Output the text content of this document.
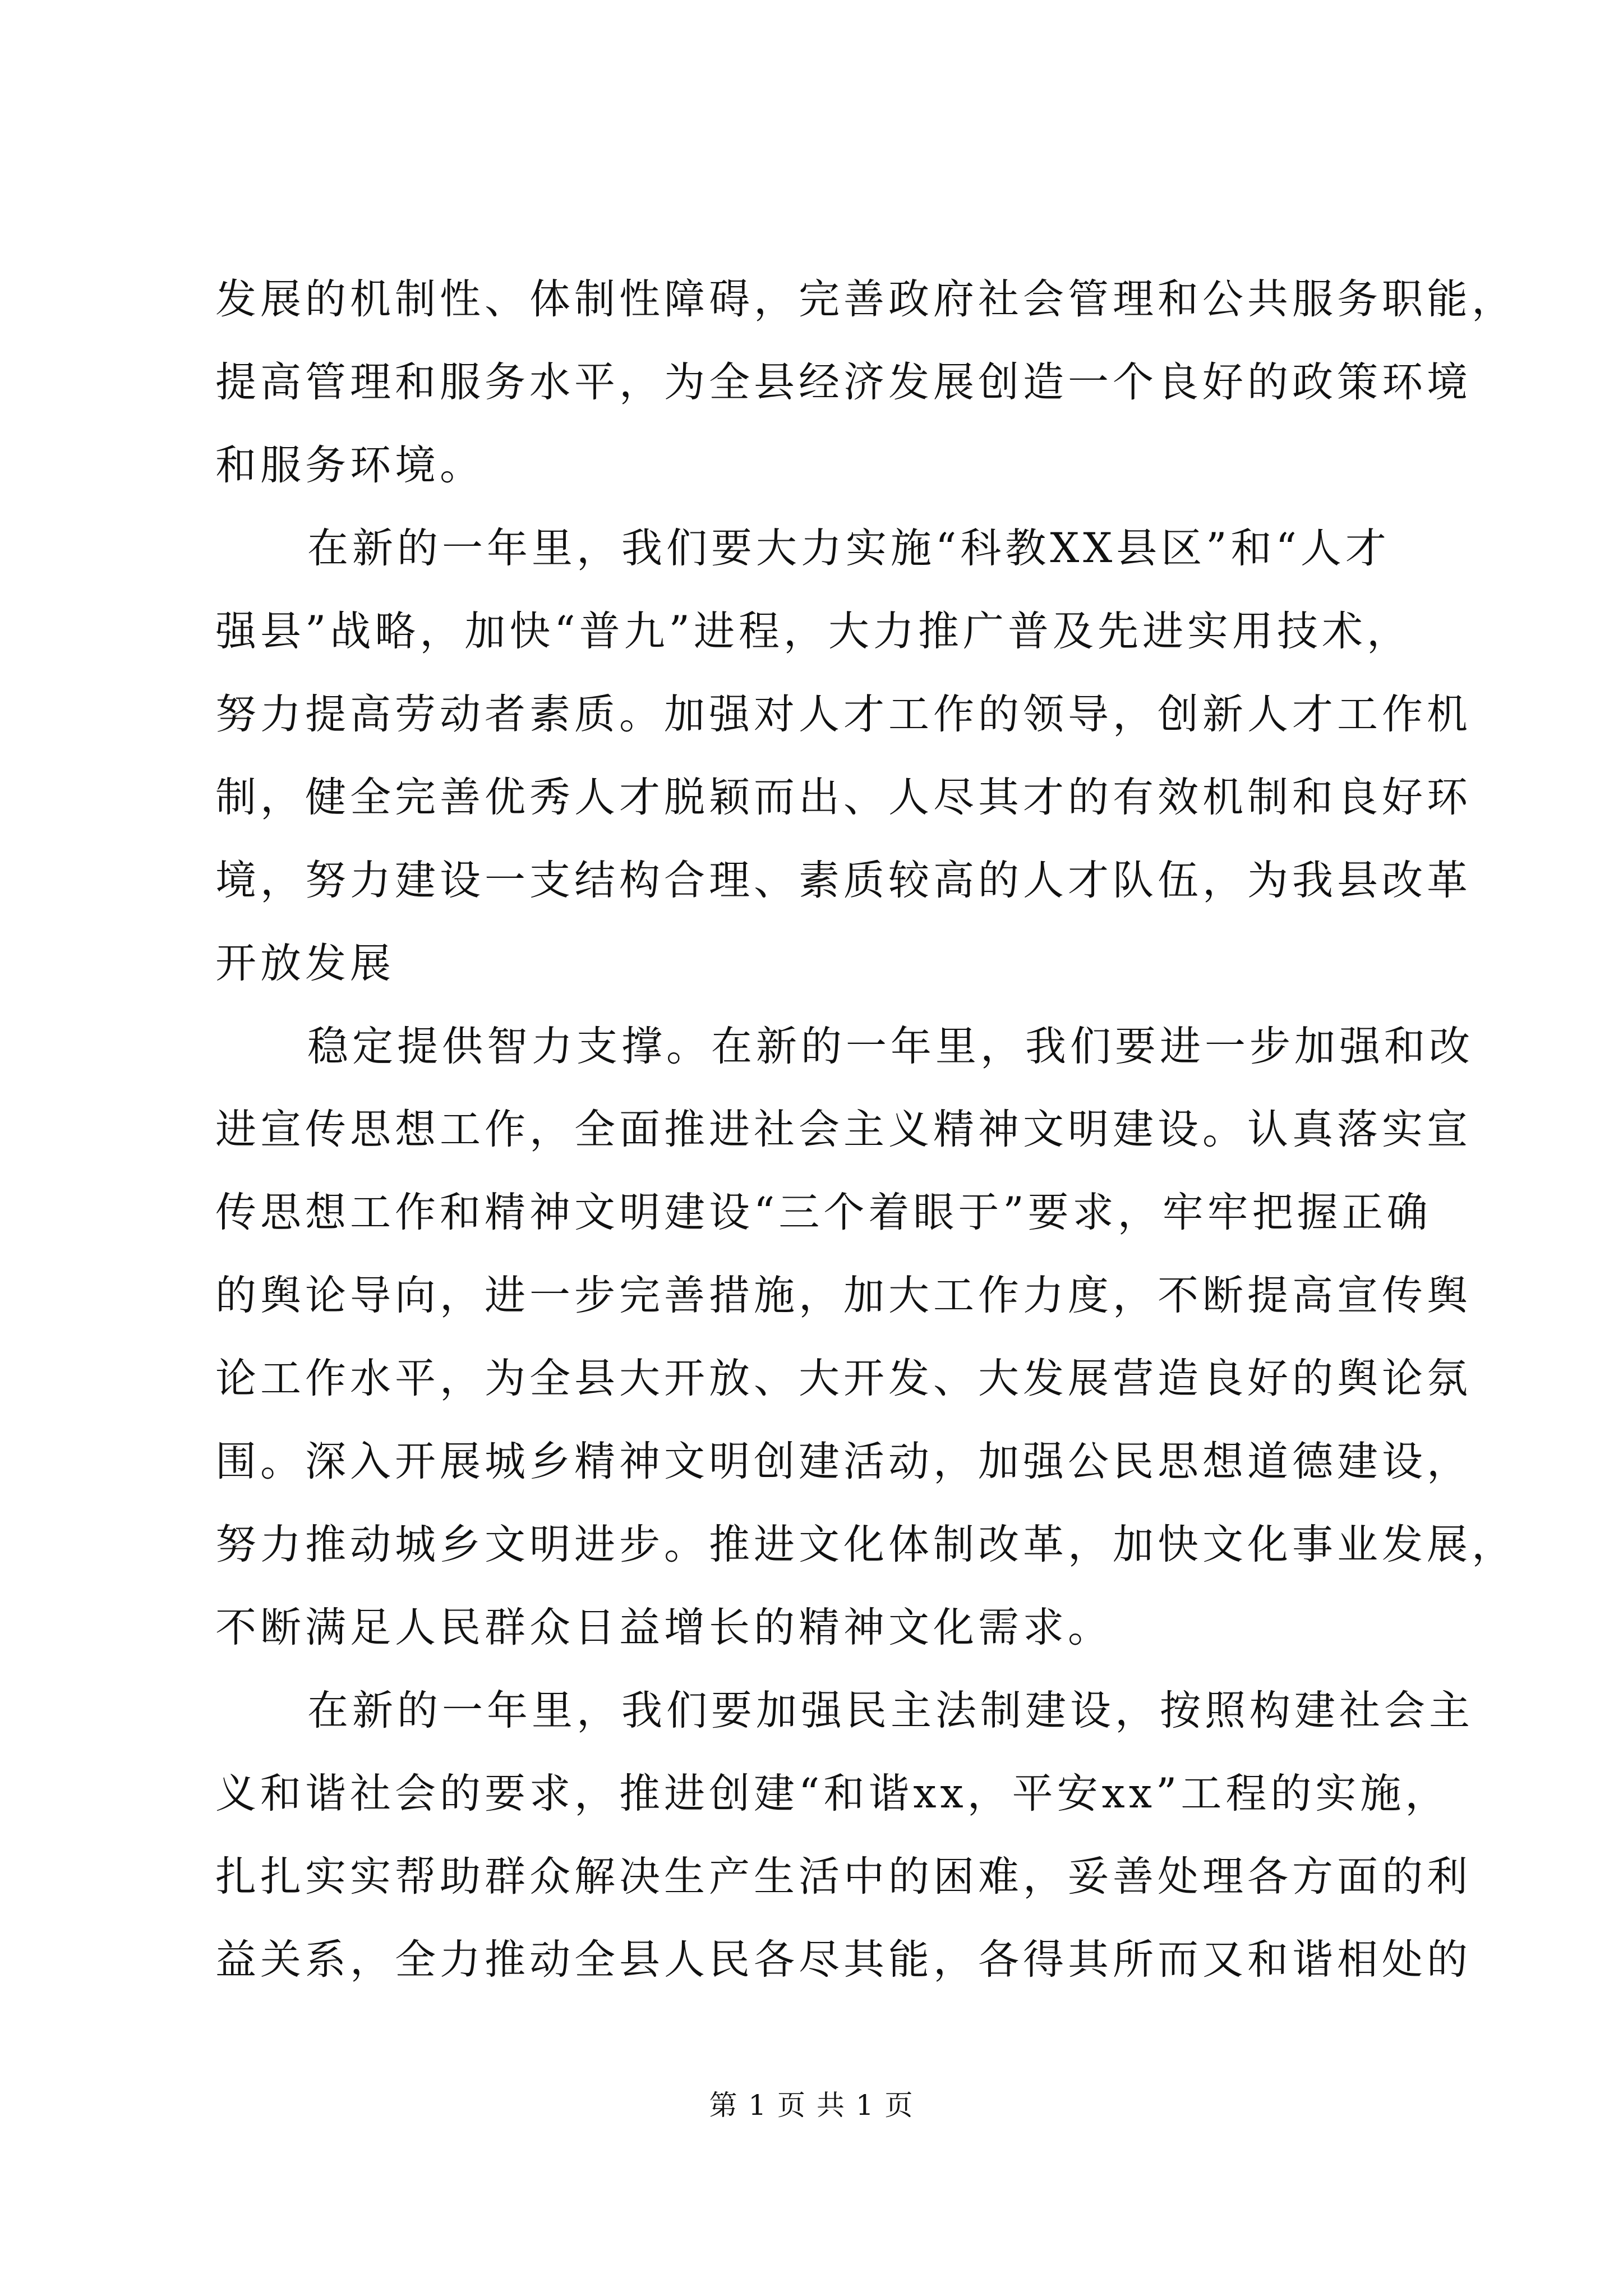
发展的机制性、体制性障碍，完善政府社会管理和公共服务职能，
提高管理和服务水平，为全县经济发展创造一个良好的政策环境
和服务环境。
在新的一年里，我们要大力实施“科教XX县区”和“人才
强县”战略，加快“普九”进程，大力推广普及先进实用技术，
努力提高劳动者素质。加强对人才工作的领导，创新人才工作机
制，健全完善优秀人才脱颖而出、人尽其才的有效机制和良好环
境，努力建设一支结构合理、素质较高的人才队伍，为我县改革
开放发展
稳定提供智力支撑。在新的一年里，我们要进一步加强和改
进宣传思想工作，全面推进社会主义精神文明建设。认真落实宣
传思想工作和精神文明建设“三个着眼于”要求，牢牢把握正确
的舆论导向，进一步完善措施，加大工作力度，不断提高宣传舆
论工作水平，为全县大开放、大开发、大发展营造良好的舆论氛
围。深入开展城乡精神文明创建活动，加强公民思想道德建设，
努力推动城乡文明进步。推进文化体制改革，加快文化事业发展，
不断满足人民群众日益增长的精神文化需求。
在新的一年里，我们要加强民主法制建设，按照构建社会主
义和谐社会的要求，推进创建“和谐xx，平安xx”工程的实施，
扎扎实实帮助群众解决生产生活中的困难，妥善处理各方面的利
益关系，全力推动全县人民各尽其能，各得其所而又和谐相处的
第 1 页 共 1 页
